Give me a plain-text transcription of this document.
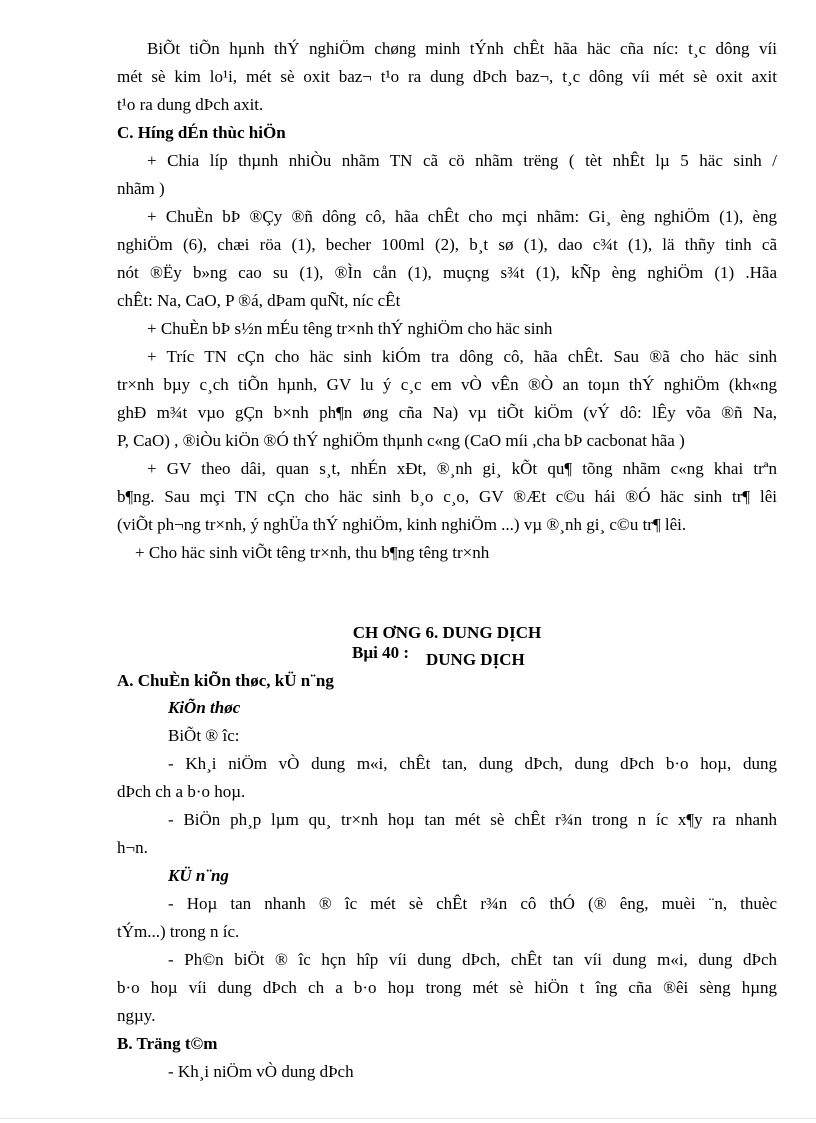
BiÕt tiÕn hµnh thÝ nghiÖm chøng minh tÝnh chÊt hãa häc cña níc: t¸c dông víi
mét sè kim lo¹i, mét sè oxit baz¬ t¹o ra dung dÞch baz¬, t¸c dông víi mét sè oxit axit
t¹o ra dung dÞch axit.
C. Híng dÉn thùc hiÖn
+ Chia líp thµnh nhiÒu nhãm TN cã cö nhãm trëng ( tèt nhÊt lµ 5 häc sinh /
nhãm )
+ ChuÈn bÞ ®Çy ®ñ dông cô, hãa chÊt cho mçi nhãm: Gi¸ èng nghiÖm (1), èng
nghiÖm (6), chæi röa (1), becher 100ml (2), b¸t sø (1), dao c¾t (1), lä thñy tinh cã
nót ®Ëy b»ng cao su (1), ®Ìn cån (1), muçng s¾t (1), kÑp èng nghiÖm (1) .Hãa
chÊt: Na, CaO, P ®á, dÞam quÑt, níc cÊt
+ ChuÈn bÞ s½n mÉu têng tr×nh thÝ nghiÖm cho häc sinh
+ Tríc TN cÇn cho häc sinh kiÓm tra dông cô, hãa chÊt. Sau ®ã cho häc sinh
tr×nh bµy c¸ch tiÕn hµnh, GV lu ý c¸c em vÒ vÊn ®Ò an toµn thÝ nghiÖm (kh«ng
ghÐ m¾t vµo gÇn b×nh ph¶n øng cña Na) vµ tiÕt kiÖm (vÝ dô: lÊy võa ®ñ Na,
P, CaO) , ®iÒu kiÖn ®Ó thÝ nghiÖm thµnh c«ng (CaO míi ,cha bÞ cacbonat hãa )
+ GV theo dâi, quan s¸t, nhÉn xÐt, ®¸nh gi¸ kÕt qu¶ tõng nhãm c«ng khai trªn
b¶ng. Sau mçi TN cÇn cho häc sinh b¸o c¸o, GV ®Æt c©u hái ®Ó häc sinh tr¶ lêi
(viÕt ph¬ng tr×nh, ý nghÜa thÝ nghiÖm, kinh nghiÖm ...) vµ ®¸nh gi¸ c©u tr¶ lêi.
+ Cho häc sinh viÕt têng tr×nh, thu b¶ng têng tr×nh
CH ƠNG 6. DUNG DỊCH
Bµi 40 : DUNG DỊCH
A. ChuÈn kiÕn thøc, kÜ n¨ng
KiÕn thøc
BiÕt ® îc:
- Kh¸i niÖm vÒ dung m«i, chÊt tan, dung dÞch, dung dÞch b·o hoµ, dung
dÞch ch a b·o hoµ.
- BiÖn ph¸p lµm qu¸ tr×nh hoµ tan mét sè chÊt r¾n trong n íc x¶y ra nhanh
h¬n.
KÜ n¨ng
- Hoµ tan nhanh ® îc mét sè chÊt r¾n cô thÓ (® êng, muèi ¨n, thuèc
tÝm...) trong n íc.
- Ph©n biÖt ® îc hçn hîp víi dung dÞch, chÊt tan víi dung m«i, dung dÞch
b·o hoµ víi dung dÞch ch a b·o hoµ trong mét sè hiÖn t îng cña ®êi sèng hµng
ngµy.
B. Träng t©m
- Kh¸i niÖm vÒ dung dÞch
